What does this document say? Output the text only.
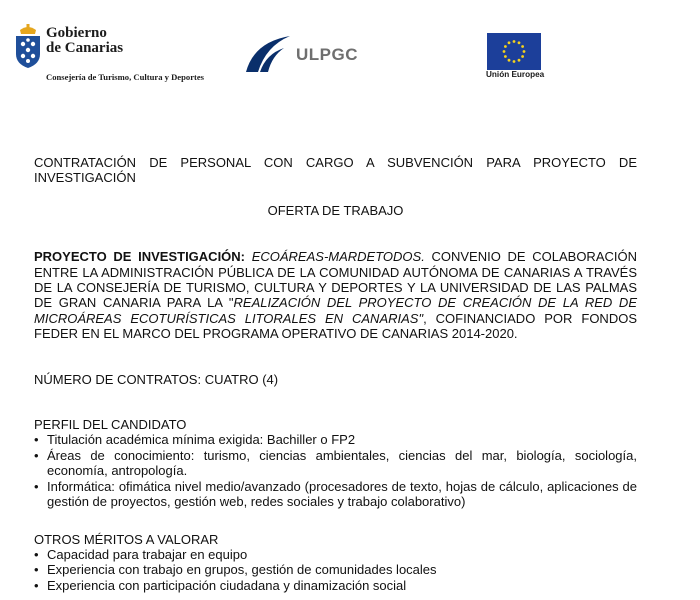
Gobierno
de Canarias
Consejería de Turismo, Cultura y Deportes
ULPGC
Unión Europea

CONTRATACIÓN DE PERSONAL CON CARGO A SUBVENCIÓN PARA PROYECTO DE INVESTIGACIÓN

OFERTA DE TRABAJO

PROYECTO DE INVESTIGACIÓN: ECOÁREAS-MARDETODOS. CONVENIO DE COLABORACIÓN ENTRE LA ADMINISTRACIÓN PÚBLICA DE LA COMUNIDAD AUTÓNOMA DE CANARIAS A TRAVÉS DE LA CONSEJERÍA DE TURISMO, CULTURA Y DEPORTES Y LA UNIVERSIDAD DE LAS PALMAS DE GRAN CANARIA PARA LA "REALIZACIÓN DEL PROYECTO DE CREACIÓN DE LA RED DE MICROÁREAS ECOTURÍSTICAS LITORALES EN CANARIAS", COFINANCIADO POR FONDOS FEDER EN EL MARCO DEL PROGRAMA OPERATIVO DE CANARIAS 2014-2020.

NÚMERO DE CONTRATOS: CUATRO (4)

PERFIL DEL CANDIDATO

• Titulación académica mínima exigida: Bachiller o FP2
• Áreas de conocimiento: turismo, ciencias ambientales, ciencias del mar, biología, sociología, economía, antropología.
• Informática: ofimática nivel medio/avanzado (procesadores de texto, hojas de cálculo, aplicaciones de gestión de proyectos, gestión web, redes sociales y trabajo colaborativo)

OTROS MÉRITOS A VALORAR

• Capacidad para trabajar en equipo
• Experiencia con trabajo en grupos, gestión de comunidades locales
• Experiencia con participación ciudadana y dinamización social
